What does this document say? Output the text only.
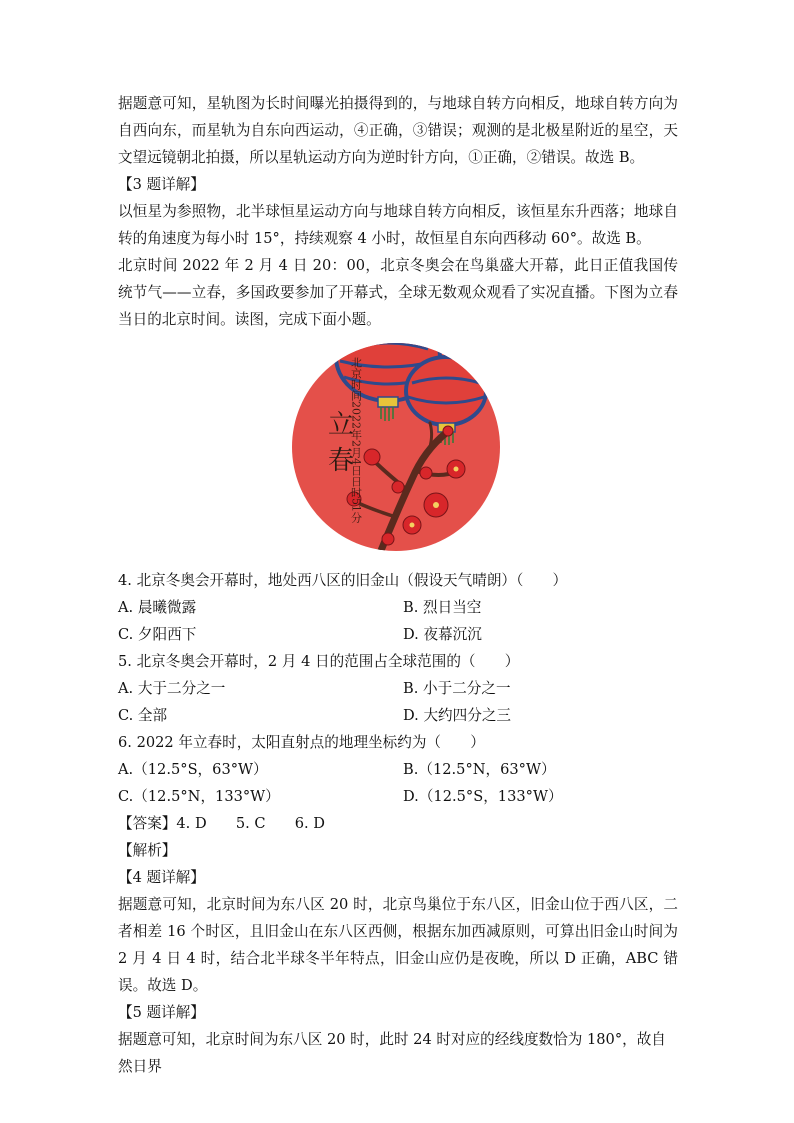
据题意可知，星轨图为长时间曝光拍摄得到的，与地球自转方向相反，地球自转方向为自西向东，而星轨为自东向西运动，④正确，③错误；观测的是北极星附近的星空，天文望远镜朝北拍摄，所以星轨运动方向为逆时针方向，①正确，②错误。故选 B。

【3 题详解】

以恒星为参照物，北半球恒星运动方向与地球自转方向相反，该恒星东升西落；地球自转的角速度为每小时 15°，持续观察 4 小时，故恒星自东向西移动 60°。故选 B。

北京时间 2022 年 2 月 4 日 20：00，北京冬奥会在鸟巢盛大开幕，此日正值我国传统节气——立春，多国政要参加了开幕式，全球无数观众观看了实况直播。下图为立春当日的北京时间。读图，完成下面小题。

立
春
北京时间2022年2月4日日时51分

4. 北京冬奥会开幕时，地处西八区的旧金山（假设天气晴朗）（　　）

A. 晨曦微露	B. 烈日当空
C. 夕阳西下	D. 夜幕沉沉

5. 北京冬奥会开幕时，2 月 4 日的范围占全球范围的（　　）

A. 大于二分之一	B. 小于二分之一
C. 全部	D. 大约四分之三

6. 2022 年立春时，太阳直射点的地理坐标约为（　　）

A.（12.5°S，63°W）	B.（12.5°N，63°W）
C.（12.5°N，133°W）	D.（12.5°S，133°W）

【答案】4. D　　5. C　　6. D

【解析】

【4 题详解】

据题意可知，北京时间为东八区 20 时，北京鸟巢位于东八区，旧金山位于西八区，二者相差 16 个时区，且旧金山在东八区西侧，根据东加西减原则，可算出旧金山时间为 2 月 4 日 4 时，结合北半球冬半年特点，旧金山应仍是夜晚，所以 D 正确，ABC 错误。故选 D。

【5 题详解】

据题意可知，北京时间为东八区 20 时，此时 24 时对应的经线度数恰为 180°，故自然日界
